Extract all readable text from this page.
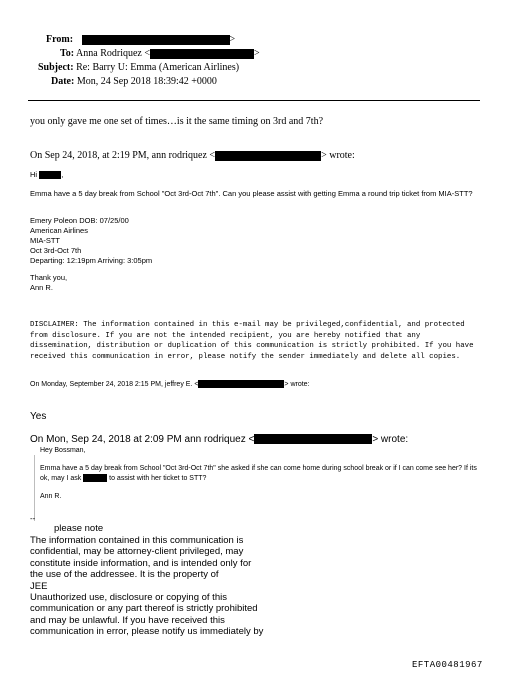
From:	>
To: Anna Rodriquez <	>
Subject: Re: Barry U: Emma (American Airlines)
Date: Mon, 24 Sep 2018 18:39:42 +0000
you only gave me one set of times…is it the same timing on 3rd and 7th?
On Sep 24, 2018, at 2:19 PM, ann rodriquez <	> wrote:
Hi	,
Emma have a 5 day break from School "Oct 3rd-Oct 7th". Can you please assist with getting Emma a round trip ticket from MIA-STT?
Emery Poleon DOB: 07/25/00
American Airlines
MIA-STT
Oct 3rd-Oct 7th
Departing: 12:19pm Arriving: 3:05pm
Thank you,
Ann R.
DISCLAIMER: The information contained in this e-mail may be privileged,confidential, and protected from disclosure. If you are not the intended recipient, you are hereby notified that any dissemination, distribution or duplication of this communication is strictly prohibited. If you have received this communication in error, please notify the sender immediately and delete all copies.
On Monday, September 24, 2018 2:15 PM, jeffrey E. <	> wrote:
Yes
On Mon, Sep 24, 2018 at 2:09 PM ann rodriquez <	> wrote:
Hey Bossman,
Emma have a 5 day break from School "Oct 3rd-Oct 7th" she asked if she can come home during school break or if I can come see her? If its ok, may I ask	to assist with her ticket to STT?
Ann R.
--
please note
The information contained in this communication is
confidential, may be attorney-client privileged, may
constitute inside information, and is intended only for
the use of the addressee. It is the property of
JEE
Unauthorized use, disclosure or copying of this
communication or any part thereof is strictly prohibited
and may be unlawful. If you have received this
communication in error, please notify us immediately by
EFTA00481967
